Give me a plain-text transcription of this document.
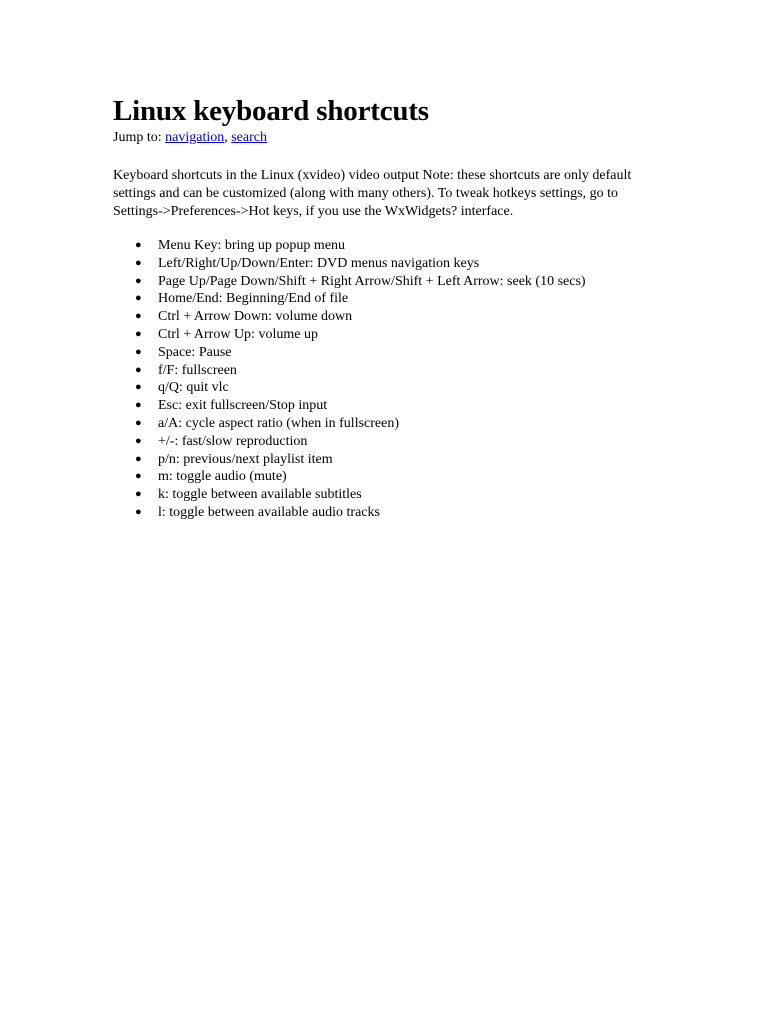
Linux keyboard shortcuts
Jump to: navigation, search

Keyboard shortcuts in the Linux (xvideo) video output Note: these shortcuts are only default settings and can be customized (along with many others). To tweak hotkeys settings, go to Settings->Preferences->Hot keys, if you use the WxWidgets? interface.

● Menu Key: bring up popup menu
● Left/Right/Up/Down/Enter: DVD menus navigation keys
● Page Up/Page Down/Shift + Right Arrow/Shift + Left Arrow: seek (10 secs)
● Home/End: Beginning/End of file
● Ctrl + Arrow Down: volume down
● Ctrl + Arrow Up: volume up
● Space: Pause
● f/F: fullscreen
● q/Q: quit vlc
● Esc: exit fullscreen/Stop input
● a/A: cycle aspect ratio (when in fullscreen)
● +/-: fast/slow reproduction
● p/n: previous/next playlist item
● m: toggle audio (mute)
● k: toggle between available subtitles
● l: toggle between available audio tracks
